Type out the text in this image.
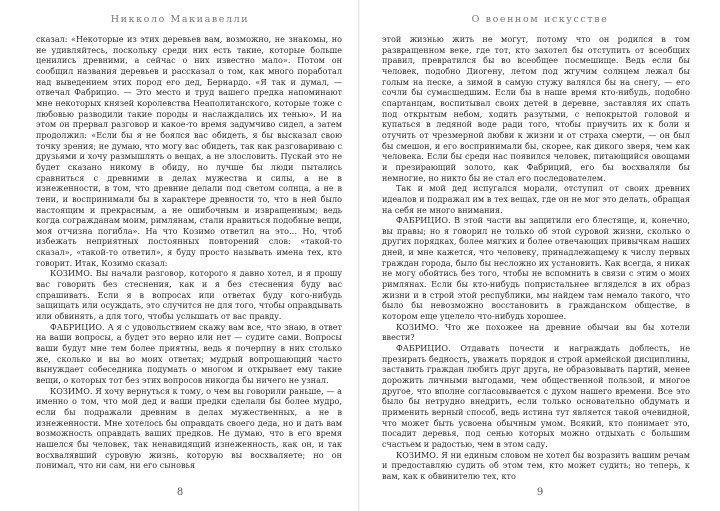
Никколо Макиавелли

сказал: «Некоторые из этих деревьев вам, возможно, не знакомы, но не удивляйтесь, поскольку среди них есть такие, которые больше ценились древними, а сейчас о них известно мало». Потом он сообщил названия деревьев и рассказал о том, как много поработал над выведением этих пород его дед, Бернардо. «Я так и думал, — отвечал Фабрицио. — Это место и труд вашего предка напоминают мне некоторых князей королевства Неаполитанского, которые тоже с любовью разводили такие породы и наслаждались их тенью». И на этом он прервал разговор и какое-то время задумчиво сидел, а затем продолжил: «Если бы я не боялся вас обидеть, я бы высказал свою точку зрения; не думаю, что могу вас обидеть, так как разговариваю с друзьями и хочу размышлять о вещах, а не злословить. Пускай это не будет сказано никому в обиду, но лучше бы люди пытались сравниться с древними в делах мужества и силы, а не в изнеженности, в том, что древние делали под светом солнца, а не в тени, и воспринимали бы в характере древности то, что в ней было настоящим и прекрасным, а не ошибочным и извращенным; ведь когда согражданам моим, римлянам, стали нравиться подобные вещи, моя отчизна погибла». На что Козимо ответил на это… Но, чтоб избежать неприятных постоянных повторений слов: «такой-то сказал», «такой-то ответил», я буду просто называть имена тех, кто говорит. Итак, Козимо сказал:

КОЗИМО. Вы начали разговор, которого я давно хотел, и я прошу вас говорить без стеснения, как и я без стеснения буду вас спрашивать. Если я в вопросах или ответах буду кого-нибудь защищать или осуждать, это случится не для того, чтобы оправдывать или обвинять, а для того, чтобы услышать от вас правду.

ФАБРИЦИО. А я с удовольствием скажу вам все, что знаю, в ответ на ваши вопросы, а будет это верно или нет — судите сами. Вопросы ваши будут мне тем более приятны, ведь я почерпну в них столько же, сколько и вы во моих ответах; мудрый вопрошающий часто вынуждает собеседника подумать о многом и открывает ему такие вещи, о которых тот без этих вопросов никогда бы ничего не узнал.

КОЗИМО. Я хочу вернуться к тому, о чем вы говорили раньше, — а именно о том, что мой дед и ваши предки сделали бы более мудро, если бы подражали древним в делах мужественных, а не в изнеженности. Мне хотелось бы оправдать своего деда, но и дать вам возможность оправдать ваших предков. Не думаю, что в его время нашелся бы человек, так ненавидящий изнеженность, как он, и так восхвалявший суровую жизнь, которую вы восхваляете; но он понимал, что ни сам, ни его сыновья

8
О военном искусстве

этой жизнью жить не могут, потому что он родился в том развращенном веке, где тот, кто захотел бы отступить от всеобщих правил, превратился бы во всеобщее посмешище. Ведь если бы человек, подобно Диогену, летом под жгучим солнцем лежал бы голым на песке, а зимой в самую стужу валялся бы на снегу, — его сочли бы сумасшедшим. Если бы в наше время кто-нибудь, подобно спартанцам, воспитывал своих детей в деревне, заставляя их спать под открытым небом, ходить разутыми, с непокрытой головой и купаться в ледяной воде ради того, чтобы приучить их к боли и отучить от чрезмерной любви к жизни и от страха смерти, — он был бы смешон, и его воспринимали бы, скорее, как дикого зверя, чем как человека. Если бы среди нас появился человек, питающийся овощами и презирающий золото, как Фабриций, его бы восхваляли бы немногие, но никто бы не стал его последователем.

Так и мой дед испугался морали, отступил от своих древних идеалов и подражал им в тех вещах, где он не мог это делать, обращая на себя не много внимания.

ФАБРИЦИО. В этой части вы защитили его блестяще, и, конечно, вы правы; но я говорил не только об этой суровой жизни, сколько о других порядках, более мягких и более отвечающих привычкам наших дней, и мне кажется, что человеку, принадлежащему к числу первых граждан города, было бы несложно их установить. Как всегда, я никак не могу обойтись без того, чтобы не вспомнить в связи с этим о моих римлянах. Если бы кто-нибудь попристальнее вгляделся в их образ жизни и в строй этой республики, мы найдем там немало такого, что было бы невозможно восстановить в гражданском обществе, в котором еще уцелело что-нибудь хорошее.

КОЗИМО. Что же похожее на древние обычаи вы бы хотели ввести?

ФАБРИЦИО. Отдавать почести и награждать доблесть, не презирать бедность, уважать порядок и строй армейской дисциплины, заставить граждан любить друг друга, не образовывать партий, менее дорожить личными выгодами, чем общественной пользой, и многое другое, что вполне согласовывается с духом нашего времени. Все это было бы нетрудно внедрить, если только основательно обдумать и применить верный способ, ведь истина тут является такой очевидной, что может быть усвоена обычным умом. Всякий, кто понимает это, посадит деревья, под сенью которых можно отдыхать с большим счастьем и радостью, чем в этом саду.

КОЗИМО. Я ни единым словом не хотел бы возразить вашим речам и предоставляю судить об этом тем, кто может судить; но теперь, к вам, как к обвинителю тех, кто

9
